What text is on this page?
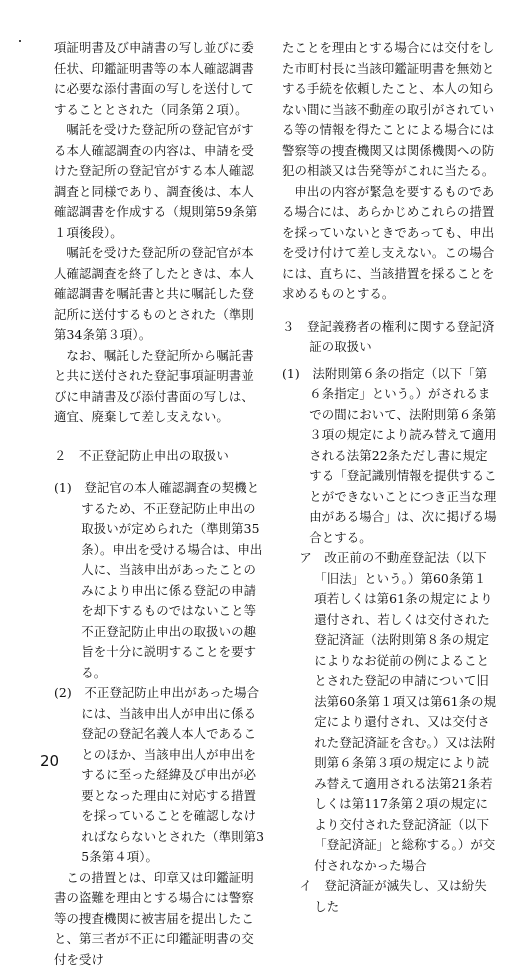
項証明書及び申請書の写し並びに委任状、印鑑証明書等の本人確認調書に必要な添付書面の写しを送付してすることとされた（同条第２項）。

嘱託を受けた登記所の登記官がする本人確認調査の内容は、申請を受けた登記所の登記官がする本人確認調査と同様であり、調査後は、本人確認調書を作成する（規則第59条第１項後段）。

嘱託を受けた登記所の登記官が本人確認調査を終了したときは、本人確認調書を嘱託書と共に嘱託した登記所に送付するものとされた（準則第34条第３項）。

なお、嘱託した登記所から嘱託書と共に送付された登記事項証明書並びに申請書及び添付書面の写しは、適宜、廃棄して差し支えない。

２　不正登記防止申出の取扱い

(1)　登記官の本人確認調査の契機とするため、不正登記防止申出の取扱いが定められた（準則第35条）。申出を受ける場合は、申出人に、当該申出があったことのみにより申出に係る登記の申請を却下するものではないこと等不正登記防止申出の取扱いの趣旨を十分に説明することを要する。

(2)　不正登記防止申出があった場合には、当該申出人が申出に係る登記の登記名義人本人であることのほか、当該申出人が申出をするに至った経緯及び申出が必要となった理由に対応する措置を採っていることを確認しなければならないとされた（準則第35条第４項）。

この措置とは、印章又は印鑑証明書の盗難を理由とする場合には警察等の捜査機関に被害届を提出したこと、第三者が不正に印鑑証明書の交付を受け

たことを理由とする場合には交付をした市町村長に当該印鑑証明書を無効とする手続を依頼したこと、本人の知らない間に当該不動産の取引がされている等の情報を得たことによる場合には警察等の捜査機関又は関係機関への防犯の相談又は告発等がこれに当たる。

申出の内容が緊急を要するものである場合には、あらかじめこれらの措置を採っていないときであっても、申出を受け付けて差し支えない。この場合には、直ちに、当該措置を採ることを求めるものとする。

３　登記義務者の権利に関する登記済証の取扱い

(1)　法附則第６条の指定（以下「第６条指定」という。）がされるまでの間において、法附則第６条第３項の規定により読み替えて適用される法第22条ただし書に規定する「登記識別情報を提供することができないことにつき正当な理由がある場合」は、次に掲げる場合とする。

ア　改正前の不動産登記法（以下「旧法」という。）第60条第１項若しくは第61条の規定により還付され、若しくは交付された登記済証（法附則第８条の規定によりなお従前の例によることとされた登記の申請について旧法第60条第１項又は第61条の規定により還付され、又は交付された登記済証を含む。）又は法附則第６条第３項の規定により読み替えて適用される法第21条若しくは第117条第２項の規定により交付された登記済証（以下「登記済証」と総称する。）が交付されなかった場合

イ　登記済証が滅失し、又は紛失した

20
